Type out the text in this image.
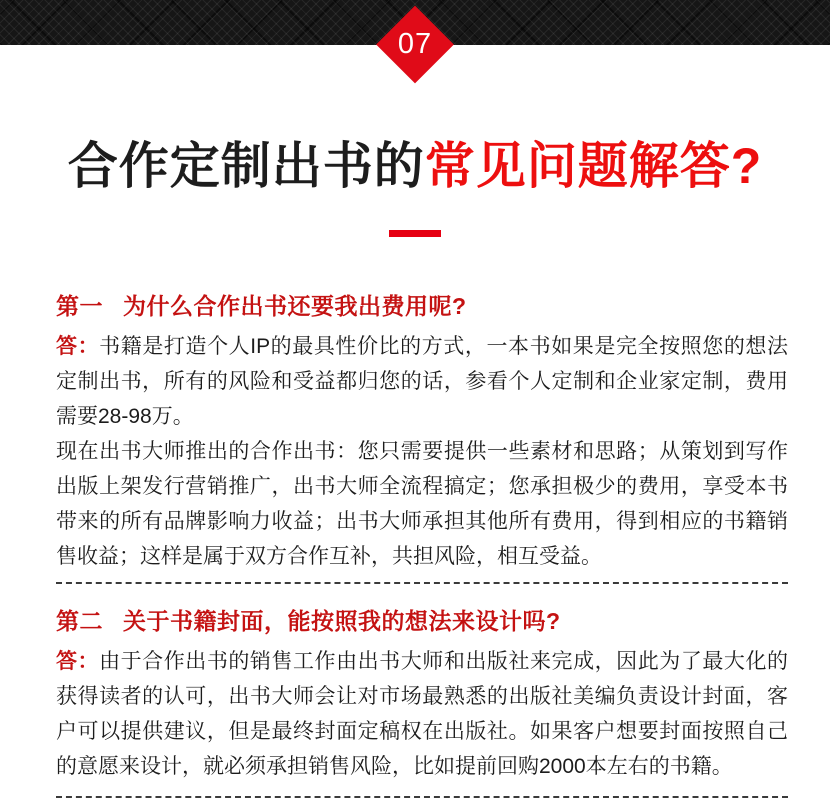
07
合作定制出书的常见问题解答?
第一 为什么合作出书还要我出费用呢?

答：书籍是打造个人IP的最具性价比的方式，一本书如果是完全按照您的想法定制出书，所有的风险和受益都归您的话，参看个人定制和企业家定制，费用需要28-98万。

现在出书大师推出的合作出书：您只需要提供一些素材和思路；从策划到写作出版上架发行营销推广，出书大师全流程搞定；您承担极少的费用，享受本书带来的所有品牌影响力收益；出书大师承担其他所有费用，得到相应的书籍销售收益；这样是属于双方合作互补，共担风险，相互受益。

第二 关于书籍封面，能按照我的想法来设计吗?

答：由于合作出书的销售工作由出书大师和出版社来完成，因此为了最大化的获得读者的认可，出书大师会让对市场最熟悉的出版社美编负责设计封面，客户可以提供建议，但是最终封面定稿权在出版社。如果客户想要封面按照自己的意愿来设计，就必须承担销售风险，比如提前回购2000本左右的书籍。
